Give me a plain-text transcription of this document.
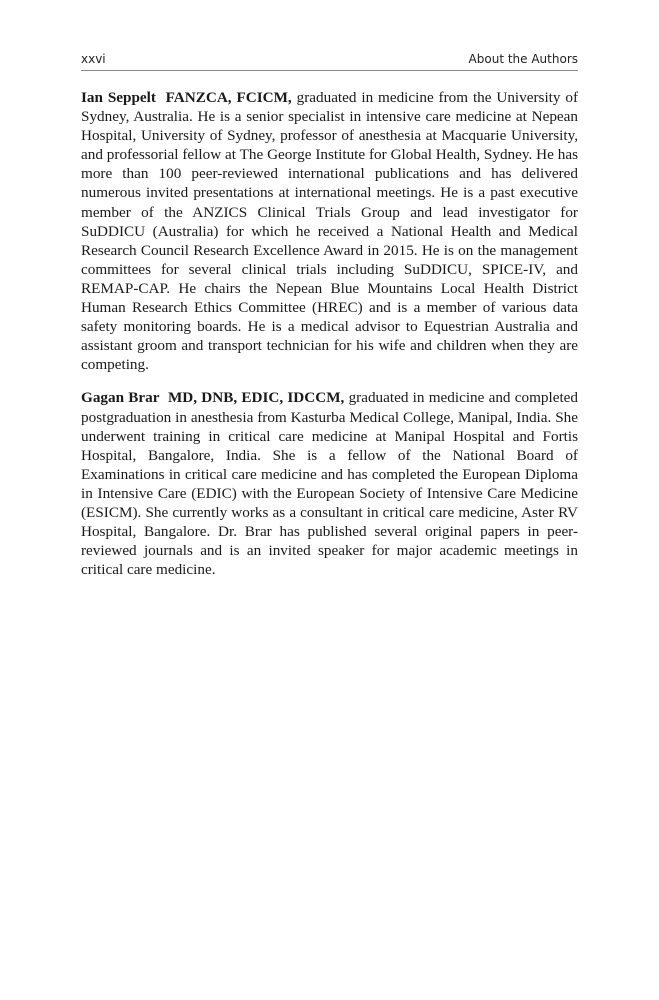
xxvi	About the Authors

Ian Seppelt FANZCA, FCICM, graduated in medicine from the University of Sydney, Australia. He is a senior specialist in intensive care medicine at Nepean Hospital, University of Sydney, professor of anesthesia at Macquarie University, and professorial fellow at The George Institute for Global Health, Sydney. He has more than 100 peer-reviewed international publications and has delivered numerous invited presentations at international meetings. He is a past executive member of the ANZICS Clinical Trials Group and lead investigator for SuDDICU (Australia) for which he received a National Health and Medical Research Council Research Excellence Award in 2015. He is on the management committees for several clinical trials including SuDDICU, SPICE-IV, and REMAP-CAP. He chairs the Nepean Blue Mountains Local Health District Human Research Ethics Committee (HREC) and is a member of various data safety monitoring boards. He is a medical advisor to Equestrian Australia and assistant groom and transport technician for his wife and children when they are competing.

Gagan Brar MD, DNB, EDIC, IDCCM, graduated in medicine and completed postgraduation in anesthesia from Kasturba Medical College, Manipal, India. She underwent training in critical care medicine at Manipal Hospital and Fortis Hospital, Bangalore, India. She is a fellow of the National Board of Examinations in critical care medicine and has completed the European Diploma in Intensive Care (EDIC) with the European Society of Intensive Care Medicine (ESICM). She currently works as a consultant in critical care medicine, Aster RV Hospital, Bangalore. Dr. Brar has published several original papers in peer-reviewed journals and is an invited speaker for major academic meetings in critical care medicine.
